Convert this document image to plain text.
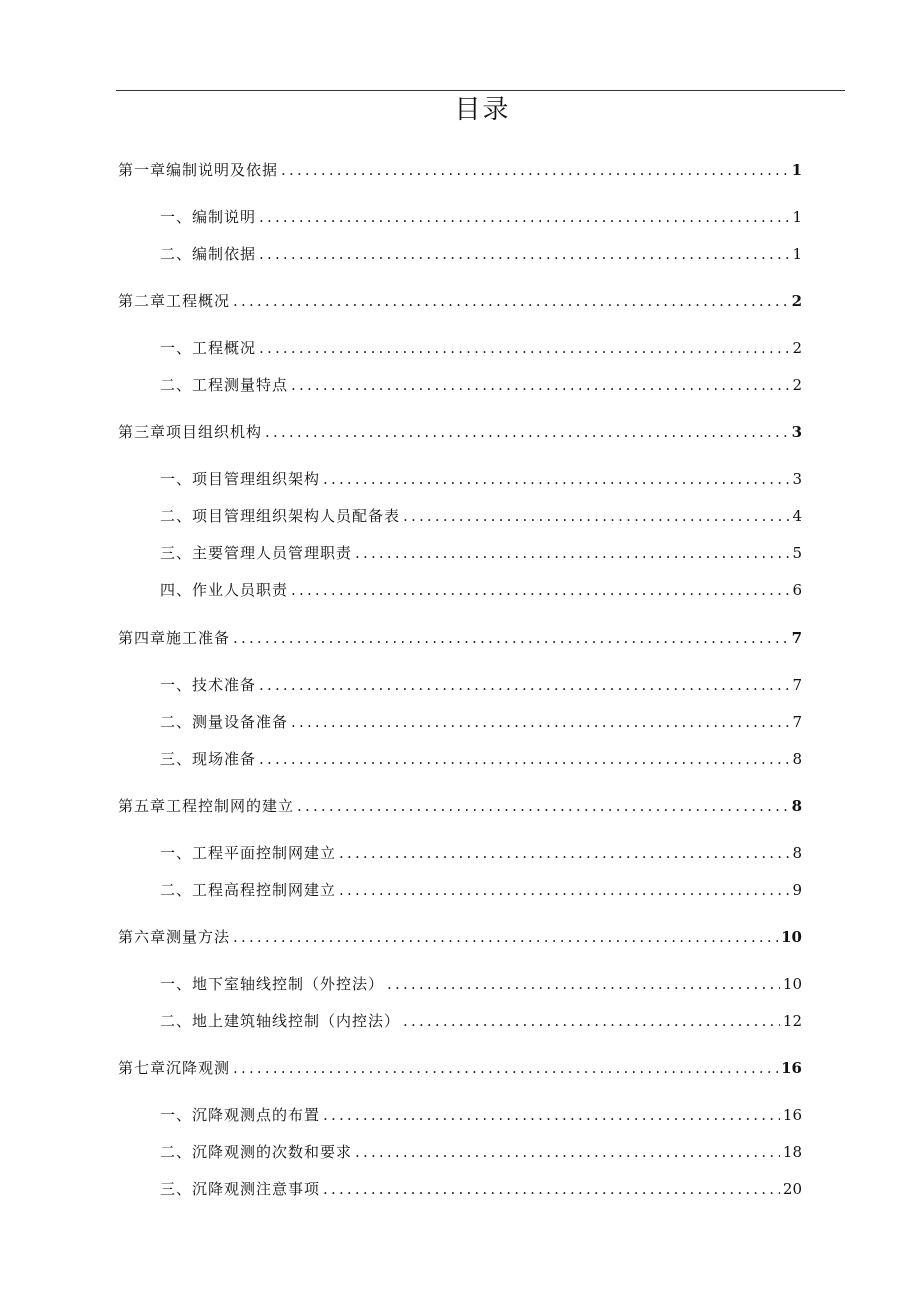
目录
第一章编制说明及依据 .....	1
一、编制说明 .....	1
二、编制依据 .....	1
第二章工程概况 .....	2
一、工程概况 .....	2
二、工程测量特点 .....	2
第三章项目组织机构 .....	3
一、项目管理组织架构 .....	3
二、项目管理组织架构人员配备表 .....	4
三、主要管理人员管理职责 .....	5
四、作业人员职责 .....	6
第四章施工准备 .....	7
一、技术准备 .....	7
二、测量设备准备 .....	7
三、现场准备 .....	8
第五章工程控制网的建立 .....	8
一、工程平面控制网建立 .....	8
二、工程高程控制网建立 .....	9
第六章测量方法 .....	10
一、地下室轴线控制（外控法） .....	10
二、地上建筑轴线控制（内控法） .....	12
第七章沉降观测 .....	16
一、沉降观测点的布置 .....	16
二、沉降观测的次数和要求 .....	18
三、沉降观测注意事项 .....	20
